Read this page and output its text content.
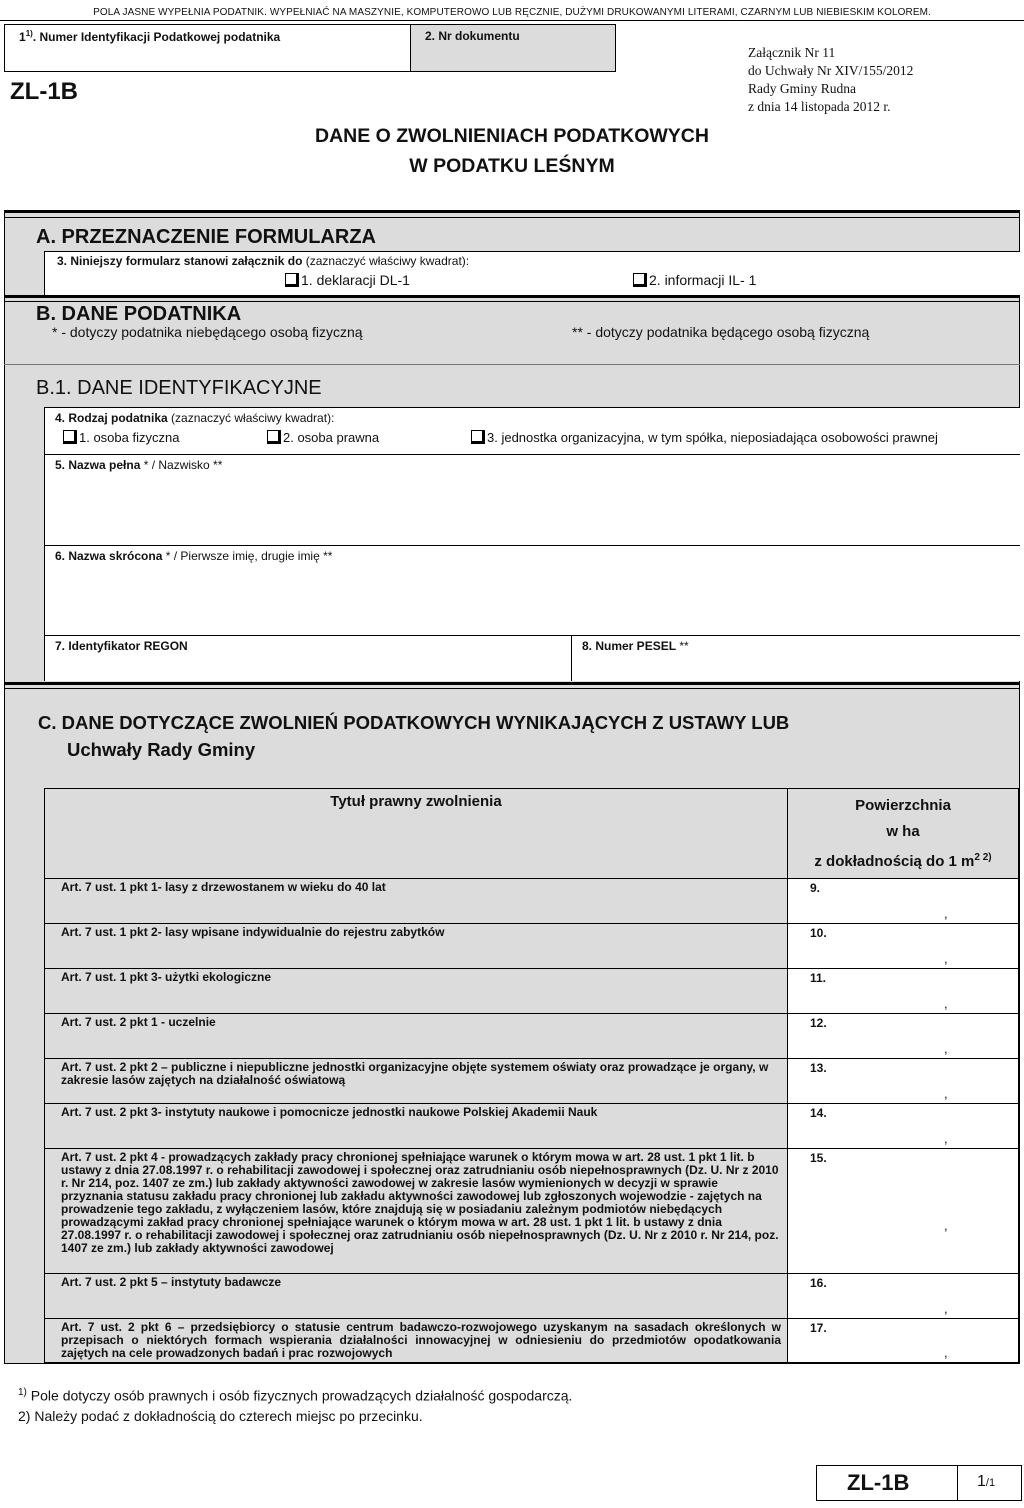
POLA JASNE WYPEŁNIA PODATNIK. WYPEŁNIAĆ NA MASZYNIE, KOMPUTEROWO LUB RĘCZNIE, DUŻYMI DRUKOWANYMI LITERAMI, CZARNYM LUB NIEBIESKIM KOLOREM.
1$^{1)}$. Numer Identyfikacji Podatkowej podatnika	2. Nr dokumentu
Załącznik Nr 11
do Uchwały Nr XIV/155/2012
Rady Gminy Rudna
z dnia 14 listopada 2012 r.
ZL-1B
DANE O ZWOLNIENIACH PODATKOWYCH
W PODATKU LEŚNYM
A. PRZEZNACZENIE FORMULARZA
3. Niniejszy formularz stanowi załącznik do (zaznaczyć właściwy kwadrat):
1. deklaracji DL-1	2. informacji IL- 1
B. DANE PODATNIKA
* - dotyczy podatnika niebędącego osobą fizyczną	** - dotyczy podatnika będącego osobą fizyczną
B.1. DANE IDENTYFIKACYJNE
4. Rodzaj podatnika (zaznaczyć właściwy kwadrat):
1. osoba fizyczna	2. osoba prawna	3. jednostka organizacyjna, w tym spółka, nieposiadająca osobowości prawnej
5. Nazwa pełna * / Nazwisko **
6. Nazwa skrócona * / Pierwsze imię, drugie imię **
7. Identyfikator REGON	8. Numer PESEL **
C. DANE DOTYCZĄCE ZWOLNIEŃ PODATKOWYCH WYNIKAJĄCYCH Z USTAWY LUB
Uchwały Rady Gminy
Tytuł prawny zwolnienia	Powierzchnia
w ha
z dokładnością do 1 $m^{2 2)}$

Art. 7 ust. 1 pkt 1- lasy z drzewostanem w wieku do 40 lat	9.
,

Art. 7 ust. 1 pkt 2- lasy wpisane indywidualnie do rejestru zabytków	10.
,

Art. 7 ust. 1 pkt 3- użytki ekologiczne	11.
,

Art. 7 ust. 2 pkt 1 - uczelnie	12.
,

Art. 7 ust. 2 pkt 2 – publiczne i niepubliczne jednostki organizacyjne objęte systemem oświaty oraz prowadzące je organy, w zakresie lasów zajętych na działalność oświatową	13.
,

Art. 7 ust. 2 pkt 3- instytuty naukowe i pomocnicze jednostki naukowe Polskiej Akademii Nauk	14.
,

Art. 7 ust. 2 pkt 4 - prowadzących zakłady pracy chronionej spełniające warunek o którym mowa w art. 28 ust. 1 pkt 1 lit. b ustawy z dnia 27.08.1997 r. o rehabilitacji zawodowej i społecznej oraz zatrudnianiu osób niepełnosprawnych (Dz. U. Nr z 2010 r. Nr 214, poz. 1407 ze zm.) lub zakłady aktywności zawodowej w zakresie lasów wymienionych w decyzji w sprawie przyznania statusu zakładu pracy chronionej lub zakładu aktywności zawodowej lub zgłoszonych wojewodzie - zajętych na prowadzenie tego zakładu, z wyłączeniem lasów, które znajdują się w posiadaniu zależnym podmiotów niebędących prowadzącymi zakład pracy chronionej spełniające warunek o którym mowa w art. 28 ust. 1 pkt 1 lit. b ustawy z dnia 27.08.1997 r. o rehabilitacji zawodowej i społecznej oraz zatrudnianiu osób niepełnosprawnych (Dz. U. Nr z 2010 r. Nr 214, poz. 1407 ze zm.) lub zakłady aktywności zawodowej	15.
,

Art. 7 ust. 2 pkt 5 – instytuty badawcze	16.
,

Art. 7 ust. 2 pkt 6 – przedsiębiorcy o statusie centrum badawczo-rozwojowego uzyskanym na sasadach określonych w przepisach o niektórych formach wspierania działalności innowacyjnej w odniesieniu do przedmiotów opodatkowania zajętych na cele prowadzonych badań i prac rozwojowych	17.
,
$^{1)}$ Pole dotyczy osób prawnych i osób fizycznych prowadzących działalność gospodarczą.
2) Należy podać z dokładnością do czterech miejsc po przecinku.
ZL-1B	1/1
